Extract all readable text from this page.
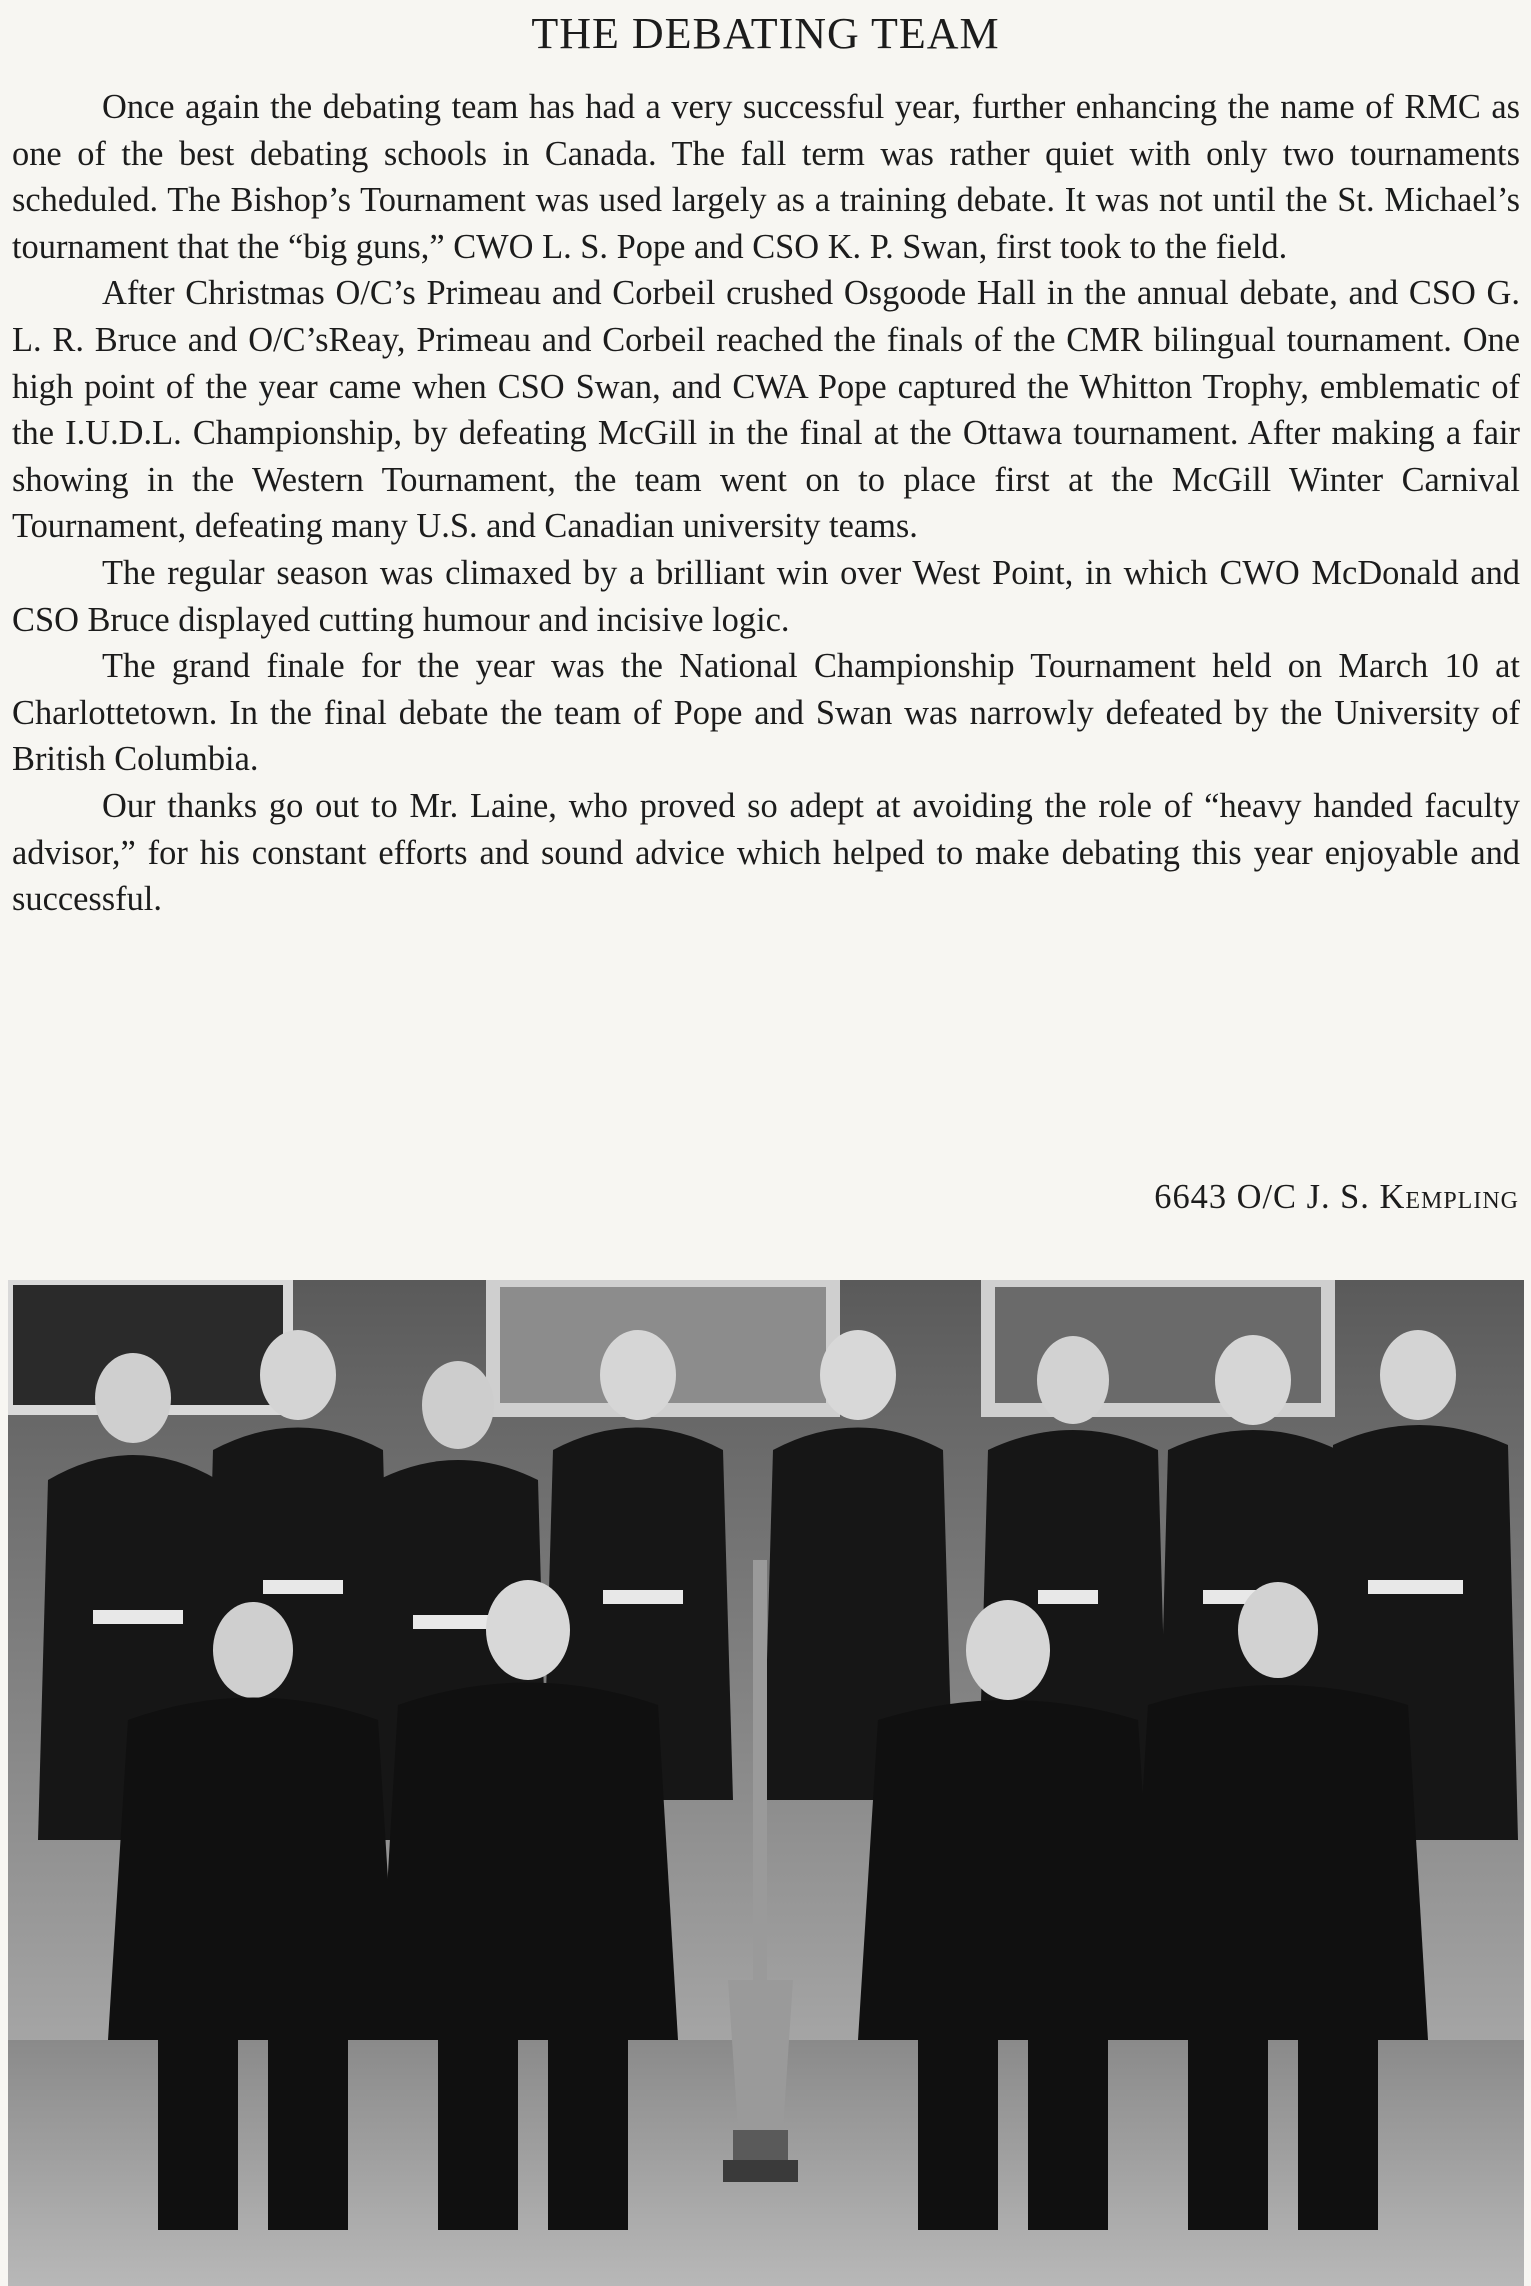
THE DEBATING TEAM

Once again the debating team has had a very successful year, further enhancing the name of RMC as one of the best debating schools in Canada. The fall term was rather quiet with only two tournaments scheduled. The Bishop’s Tournament was used largely as a training debate. It was not until the St. Michael’s tournament that the “big guns,” CWO L. S. Pope and CSO K. P. Swan, first took to the field.

After Christmas O/C’s Primeau and Corbeil crushed Osgoode Hall in the annual debate, and CSO G. L. R. Bruce and O/C’sReay, Primeau and Corbeil reached the finals of the CMR bilingual tournament. One high point of the year came when CSO Swan, and CWA Pope captured the Whitton Trophy, emblematic of the I.U.D.L. Championship, by defeating McGill in the final at the Ottawa tournament. After making a fair showing in the Western Tournament, the team went on to place first at the McGill Winter Carnival Tournament, defeating many U.S. and Canadian university teams.

The regular season was climaxed by a brilliant win over West Point, in which CWO McDonald and CSO Bruce displayed cutting humour and incisive logic.

The grand finale for the year was the National Championship Tournament held on March 10 at Charlottetown. In the final debate the team of Pope and Swan was narrowly defeated by the University of British Columbia.

Our thanks go out to Mr. Laine, who proved so adept at avoiding the role of “heavy handed faculty advisor,” for his constant efforts and sound advice which helped to make debating this year enjoyable and successful.

6643 O/C J. S. Kempling
